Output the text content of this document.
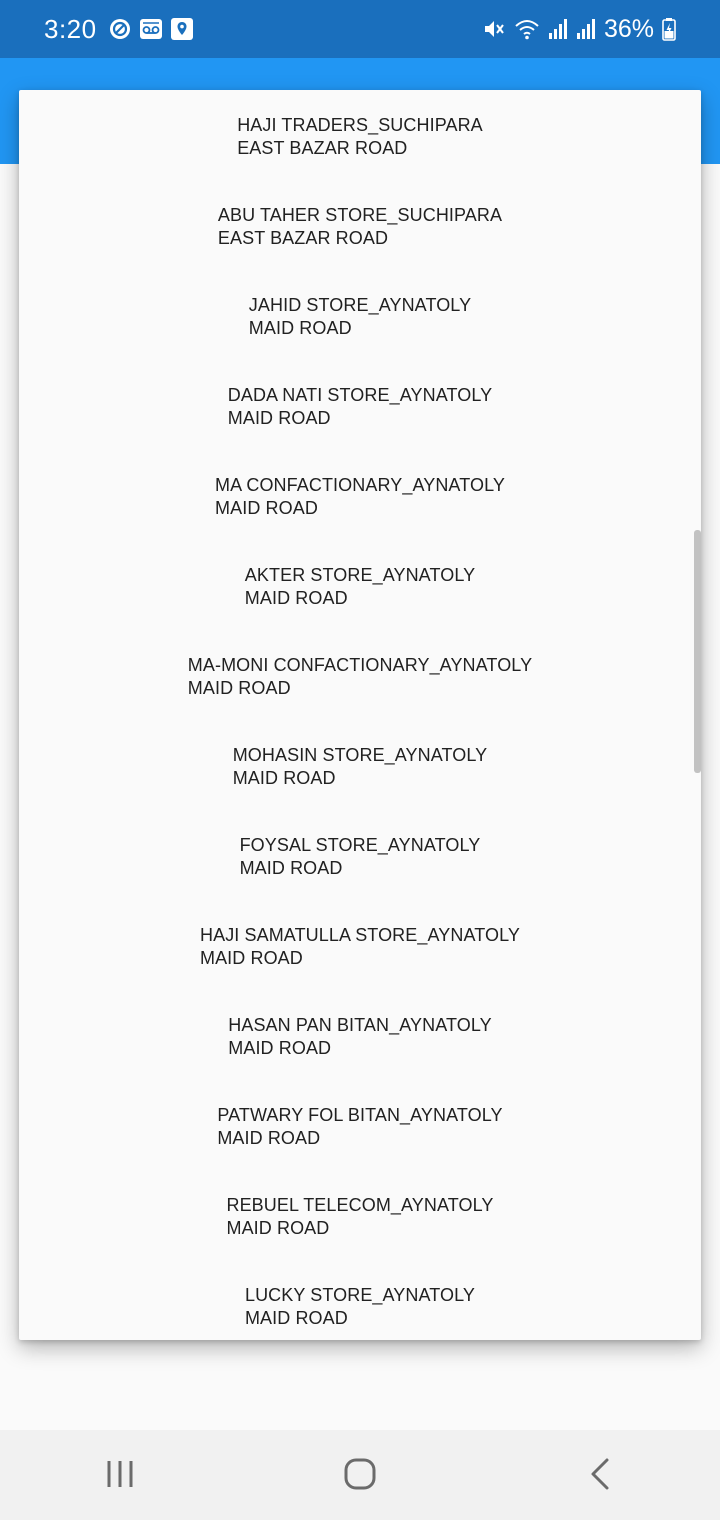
3:20	36%
HAJI TRADERS_SUCHIPARA
EAST BAZAR ROAD
ABU TAHER STORE_SUCHIPARA
EAST BAZAR ROAD
JAHID STORE_AYNATOLY
MAID ROAD
DADA NATI STORE_AYNATOLY
MAID ROAD
MA CONFACTIONARY_AYNATOLY
MAID ROAD
AKTER STORE_AYNATOLY
MAID ROAD
MA-MONI CONFACTIONARY_AYNATOLY
MAID ROAD
MOHASIN STORE_AYNATOLY
MAID ROAD
FOYSAL STORE_AYNATOLY
MAID ROAD
HAJI SAMATULLA STORE_AYNATOLY
MAID ROAD
HASAN PAN BITAN_AYNATOLY
MAID ROAD
PATWARY FOL BITAN_AYNATOLY
MAID ROAD
REBUEL TELECOM_AYNATOLY
MAID ROAD
LUCKY STORE_AYNATOLY
MAID ROAD
